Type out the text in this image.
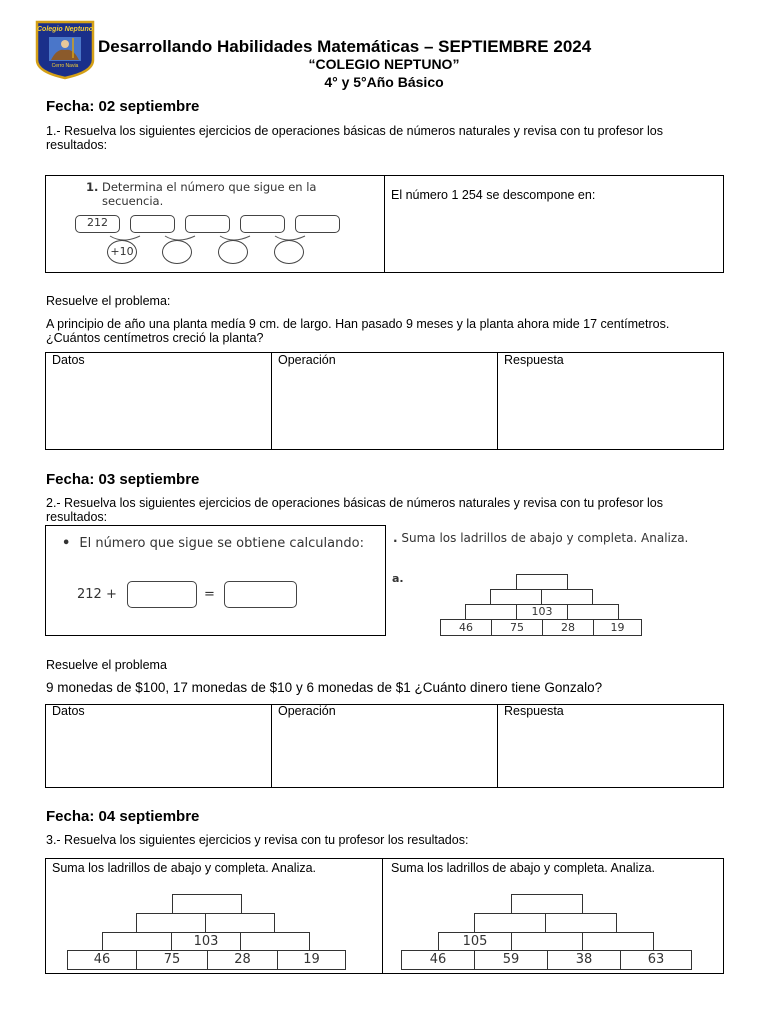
Colegio Neptuno
Cerro Navia
Desarrollando Habilidades Matemáticas – SEPTIEMBRE 2024
“COLEGIO NEPTUNO”
4° y 5°Año Básico
Fecha: 02 septiembre
1.- Resuelva los siguientes ejercicios de operaciones básicas de números naturales y revisa con tu profesor los resultados:
1. Determina el número que sigue en la secuencia.
212
+10
El número 1 254 se descompone en:
Resuelve el problema:
A principio de año una planta medía 9 cm. de largo. Han pasado 9 meses y la planta ahora mide 17 centímetros. ¿Cuántos centímetros creció la planta?
Datos	Operación	Respuesta
Fecha: 03 septiembre
2.- Resuelva los siguientes ejercicios de operaciones básicas de números naturales y revisa con tu profesor los resultados:
•  El número que sigue se obtiene calculando:
212 +	=
. Suma los ladrillos de abajo y completa. Analiza.
a.
103
46	75	28	19
Resuelve el problema
9 monedas de $100, 17 monedas de $10 y 6 monedas de $1 ¿Cuánto dinero tiene Gonzalo?
Datos	Operación	Respuesta
Fecha: 04 septiembre
3.- Resuelva los siguientes ejercicios y revisa con tu profesor los resultados:
Suma los ladrillos de abajo y completa. Analiza.	Suma los ladrillos de abajo y completa. Analiza.
103
46	75	28	19
105
46	59	38	63
